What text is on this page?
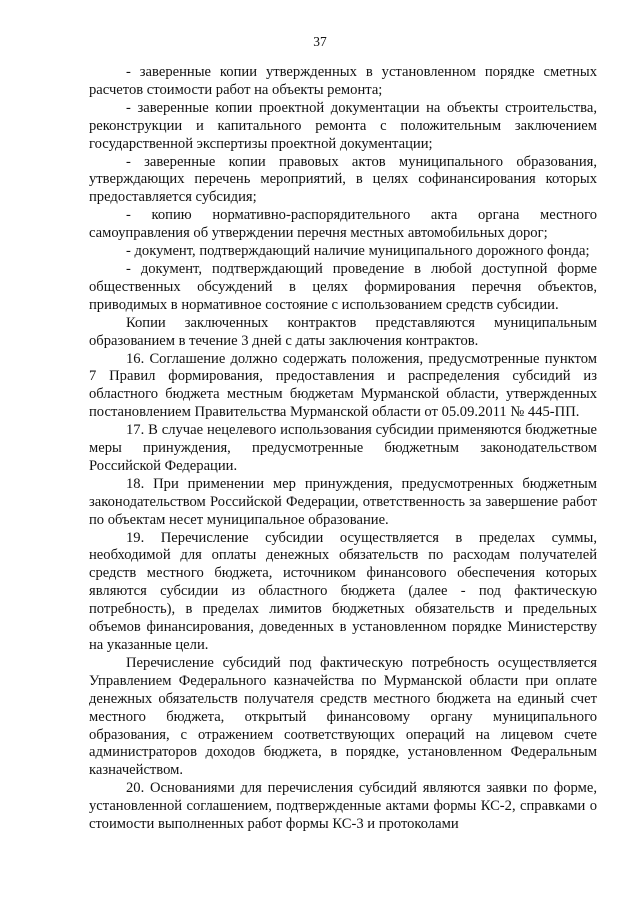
37

- заверенные копии утвержденных в установленном порядке сметных расчетов стоимости работ на объекты ремонта;

- заверенные копии проектной документации на объекты строительства, реконструкции и капитального ремонта с положительным заключением государственной экспертизы проектной документации;

- заверенные копии правовых актов муниципального образования, утверждающих перечень мероприятий, в целях софинансирования которых предоставляется субсидия;

- копию нормативно-распорядительного акта органа местного самоуправления об утверждении перечня местных автомобильных дорог;

- документ, подтверждающий наличие муниципального дорожного фонда;

- документ, подтверждающий проведение в любой доступной форме общественных обсуждений в целях формирования перечня объектов, приводимых в нормативное состояние с использованием средств субсидии.

Копии заключенных контрактов представляются муниципальным образованием в течение 3 дней с даты заключения контрактов.

16. Соглашение должно содержать положения, предусмотренные пунктом 7 Правил формирования, предоставления и распределения субсидий из областного бюджета местным бюджетам Мурманской области, утвержденных постановлением Правительства Мурманской области от 05.09.2011 № 445-ПП.

17. В случае нецелевого использования субсидии применяются бюджетные меры принуждения, предусмотренные бюджетным законодательством Российской Федерации.

18. При применении мер принуждения, предусмотренных бюджетным законодательством Российской Федерации, ответственность за завершение работ по объектам несет муниципальное образование.

19. Перечисление субсидии осуществляется в пределах суммы, необходимой для оплаты денежных обязательств по расходам получателей средств местного бюджета, источником финансового обеспечения которых являются субсидии из областного бюджета (далее - под фактическую потребность), в пределах лимитов бюджетных обязательств и предельных объемов финансирования, доведенных в установленном порядке Министерству на указанные цели.

Перечисление субсидий под фактическую потребность осуществляется Управлением Федерального казначейства по Мурманской области при оплате денежных обязательств получателя средств местного бюджета на единый счет местного бюджета, открытый финансовому органу муниципального образования, с отражением соответствующих операций на лицевом счете администраторов доходов бюджета, в порядке, установленном Федеральным казначейством.

20. Основаниями для перечисления субсидий являются заявки по форме, установленной соглашением, подтвержденные актами формы КС-2, справками о стоимости выполненных работ формы КС-3 и протоколами
